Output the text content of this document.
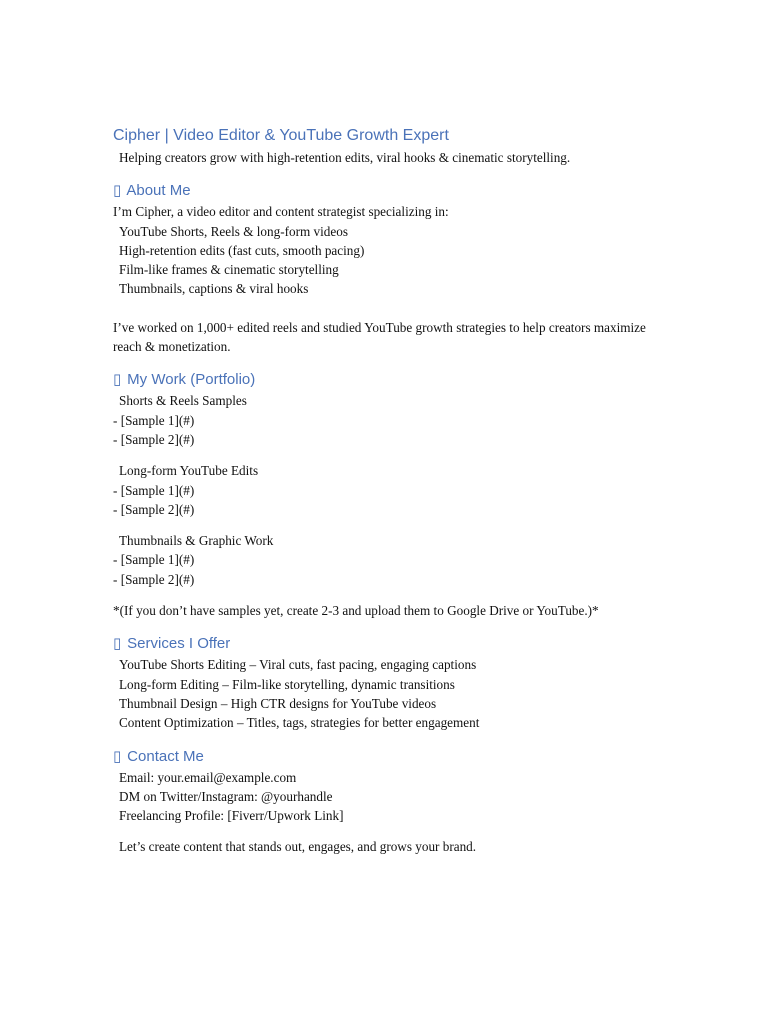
Cipher | Video Editor & YouTube Growth Expert
Helping creators grow with high-retention edits, viral hooks & cinematic storytelling.
▯ About Me
I’m Cipher, a video editor and content strategist specializing in:
YouTube Shorts, Reels & long-form videos
High-retention edits (fast cuts, smooth pacing)
Film-like frames & cinematic storytelling
Thumbnails, captions & viral hooks
I’ve worked on 1,000+ edited reels and studied YouTube growth strategies to help creators maximize reach & monetization.
▯ My Work (Portfolio)
Shorts & Reels Samples
- [Sample 1](#)
- [Sample 2](#)
Long-form YouTube Edits
- [Sample 1](#)
- [Sample 2](#)
Thumbnails & Graphic Work
- [Sample 1](#)
- [Sample 2](#)
*(If you don’t have samples yet, create 2-3 and upload them to Google Drive or YouTube.)*
▯ Services I Offer
YouTube Shorts Editing – Viral cuts, fast pacing, engaging captions
Long-form Editing – Film-like storytelling, dynamic transitions
Thumbnail Design – High CTR designs for YouTube videos
Content Optimization – Titles, tags, strategies for better engagement
▯ Contact Me
Email: your.email@example.com
DM on Twitter/Instagram: @yourhandle
Freelancing Profile: [Fiverr/Upwork Link]
Let’s create content that stands out, engages, and grows your brand.
